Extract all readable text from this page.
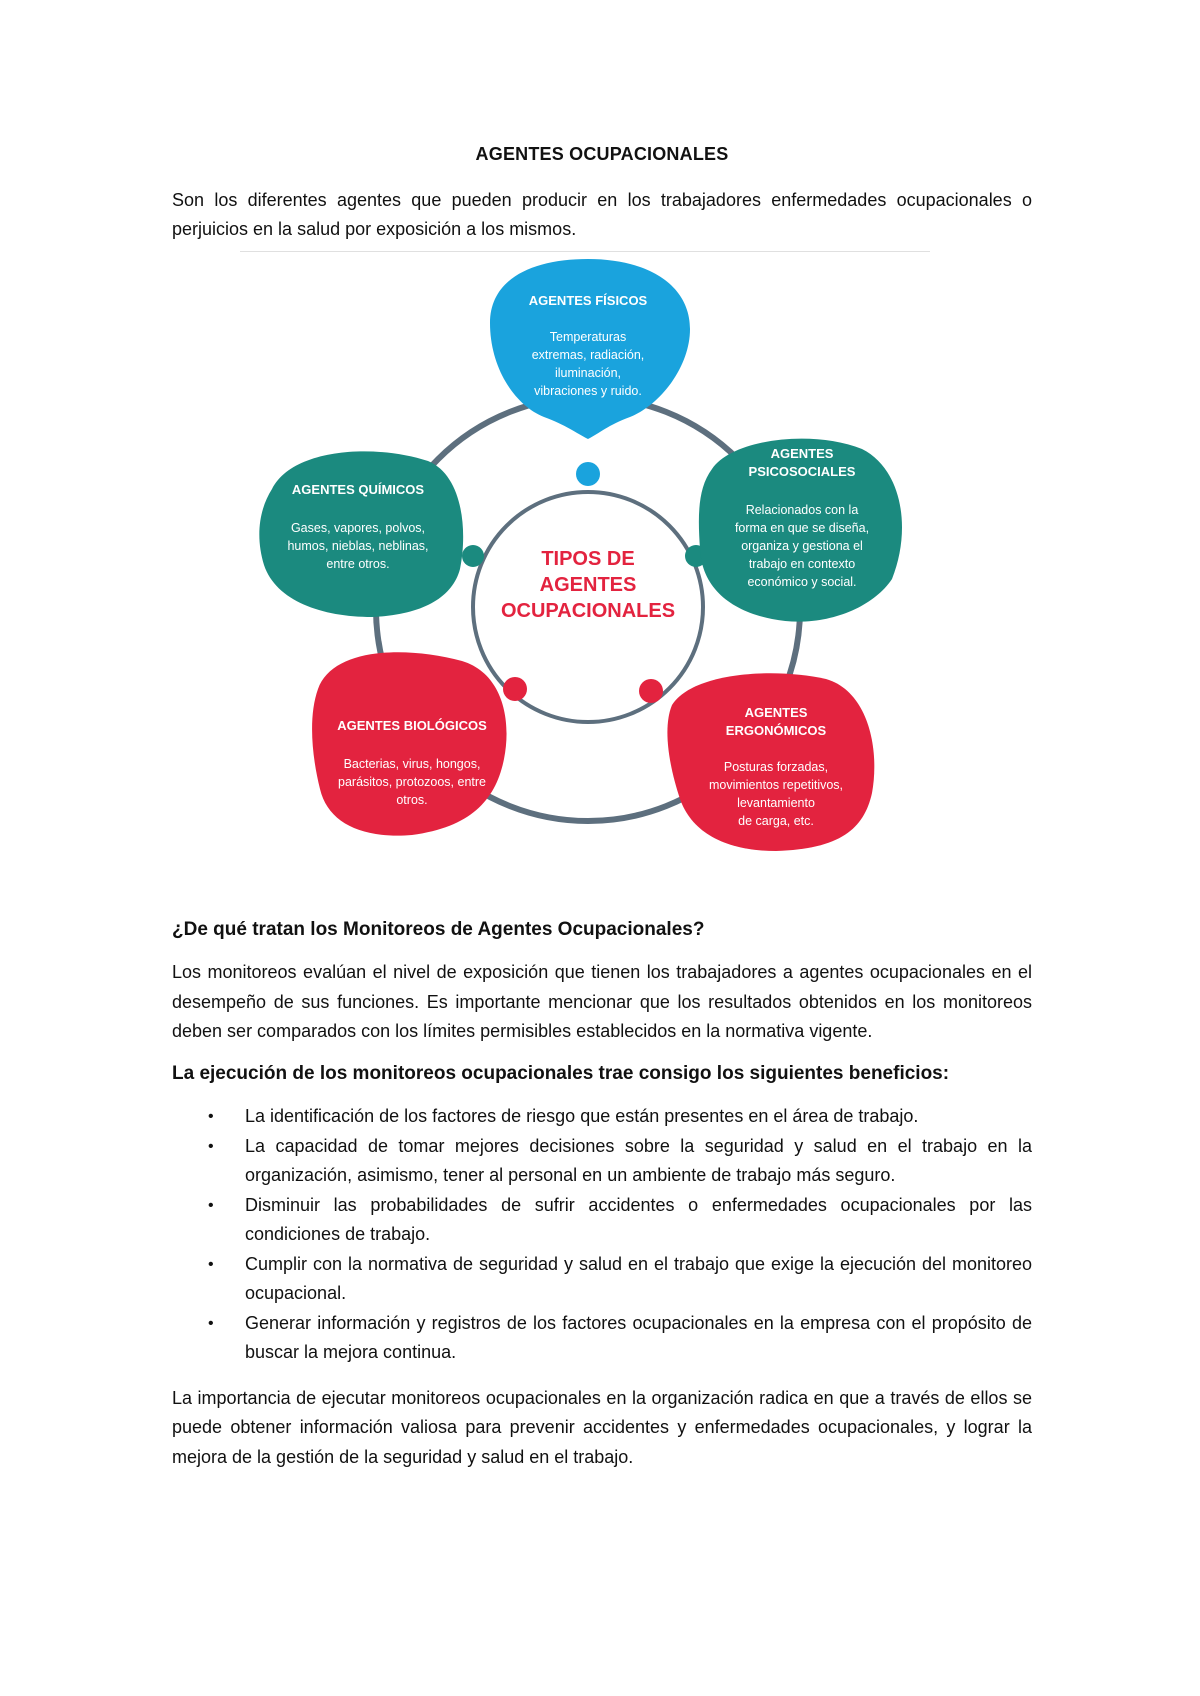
AGENTES OCUPACIONALES

Son los diferentes agentes que pueden producir en los trabajadores enfermedades ocupacionales o perjuicios en la salud por exposición a los mismos.

TIPOS DE
AGENTES
OCUPACIONALES
AGENTES FÍSICOS
Temperaturas
extremas, radiación,
iluminación,
vibraciones y ruido.
AGENTES
PSICOSOCIALES
Relacionados con la
forma en que se diseña,
organiza y gestiona el
trabajo en contexto
económico y social.
AGENTES QUÍMICOS
Gases, vapores, polvos,
humos, nieblas, neblinas,
entre otros.
AGENTES BIOLÓGICOS
Bacterias, virus, hongos,
parásitos, protozoos, entre
otros.
AGENTES
ERGONÓMICOS
Posturas forzadas,
movimientos repetitivos,
levantamiento
de carga, etc.

¿De qué tratan los Monitoreos de Agentes Ocupacionales?

Los monitoreos evalúan el nivel de exposición que tienen los trabajadores a agentes ocupacionales en el desempeño de sus funciones. Es importante mencionar que los resultados obtenidos en los monitoreos deben ser comparados con los límites permisibles establecidos en la normativa vigente.

La ejecución de los monitoreos ocupacionales trae consigo los siguientes beneficios:

• La identificación de los factores de riesgo que están presentes en el área de trabajo.
• La capacidad de tomar mejores decisiones sobre la seguridad y salud en el trabajo en la organización, asimismo, tener al personal en un ambiente de trabajo más seguro.
• Disminuir las probabilidades de sufrir accidentes o enfermedades ocupacionales por las condiciones de trabajo.
• Cumplir con la normativa de seguridad y salud en el trabajo que exige la ejecución del monitoreo ocupacional.
• Generar información y registros de los factores ocupacionales en la empresa con el propósito de buscar la mejora continua.

La importancia de ejecutar monitoreos ocupacionales en la organización radica en que a través de ellos se puede obtener información valiosa para prevenir accidentes y enfermedades ocupacionales, y lograr la mejora de la gestión de la seguridad y salud en el trabajo.
